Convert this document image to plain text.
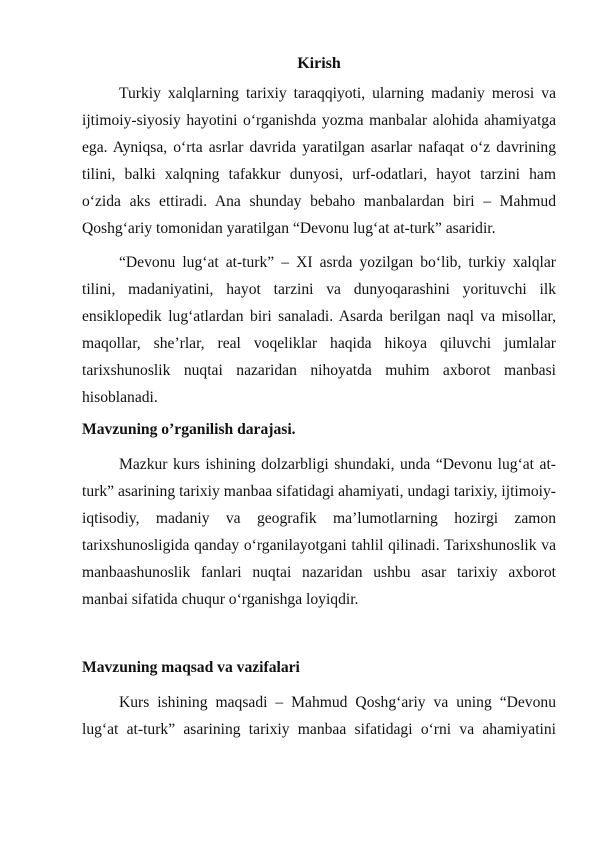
Kirish

Turkiy xalqlarning tarixiy taraqqiyoti, ularning madaniy merosi va ijtimoiy-siyosiy hayotini o‘rganishda yozma manbalar alohida ahamiyatga ega. Ayniqsa, o‘rta asrlar davrida yaratilgan asarlar nafaqat o‘z davrining tilini, balki xalqning tafakkur dunyosi, urf-odatlari, hayot tarzini ham o‘zida aks ettiradi. Ana shunday bebaho manbalardan biri – Mahmud Qoshg‘ariy tomonidan yaratilgan “Devonu lug‘at at-turk” asaridir.

“Devonu lug‘at at-turk” – XI asrda yozilgan bo‘lib, turkiy xalqlar tilini, madaniyatini, hayot tarzini va dunyoqarashini yorituvchi ilk ensiklopedik lug‘atlardan biri sanaladi. Asarda berilgan naql va misollar, maqollar, she’rlar, real voqeliklar haqida hikoya qiluvchi jumlalar tarixshunoslik nuqtai nazaridan nihoyatda muhim axborot manbasi hisoblanadi.

Mavzuning o’rganilish darajasi.

Mazkur kurs ishining dolzarbligi shundaki, unda “Devonu lug‘at at-turk” asarining tarixiy manbaa sifatidagi ahamiyati, undagi tarixiy, ijtimoiy-iqtisodiy, madaniy va geografik ma’lumotlarning hozirgi zamon tarixshunosligida qanday o‘rganilayotgani tahlil qilinadi. Tarixshunoslik va manbaashunoslik fanlari nuqtai nazaridan ushbu asar tarixiy axborot manbai sifatida chuqur o‘rganishga loyiqdir.

Mavzuning maqsad va vazifalari

Kurs ishining maqsadi – Mahmud Qoshg‘ariy va uning “Devonu lug‘at at-turk” asarining tarixiy manbaa sifatidagi o‘rni va ahamiyatini
